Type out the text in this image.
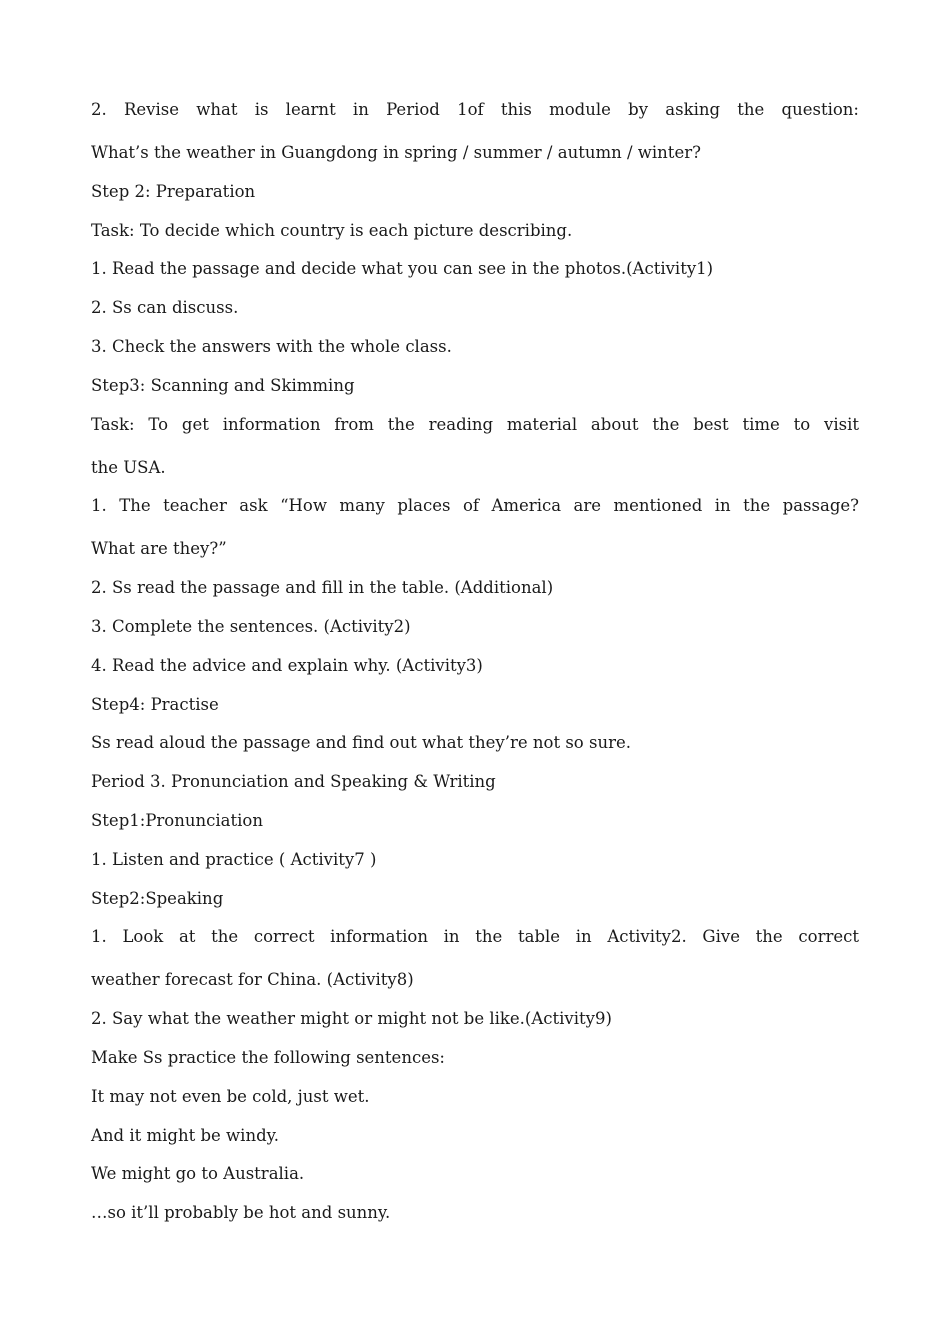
2. Revise what is learnt in Period 1of this module by asking the question:
What’s the weather in Guangdong in spring / summer / autumn / winter?
Step 2: Preparation
Task: To decide which country is each picture describing.
1. Read the passage and decide what you can see in the photos.(Activity1)
2. Ss can discuss.
3. Check the answers with the whole class.
Step3: Scanning and Skimming
Task: To get information from the reading material about the best time to visit
the USA.
1. The teacher ask “How many places of America are mentioned in the passage?
What are they?”
2. Ss read the passage and fill in the table. (Additional)
3. Complete the sentences. (Activity2)
4. Read the advice and explain why. (Activity3)
Step4: Practise
Ss read aloud the passage and find out what they’re not so sure.
Period 3. Pronunciation and Speaking & Writing
Step1:Pronunciation
1. Listen and practice ( Activity7 )
Step2:Speaking
1. Look at the correct information in the table in Activity2. Give the correct
weather forecast for China. (Activity8)
2. Say what the weather might or might not be like.(Activity9)
Make Ss practice the following sentences:
It may not even be cold, just wet.
And it might be windy.
We might go to Australia.
…so it’ll probably be hot and sunny.
